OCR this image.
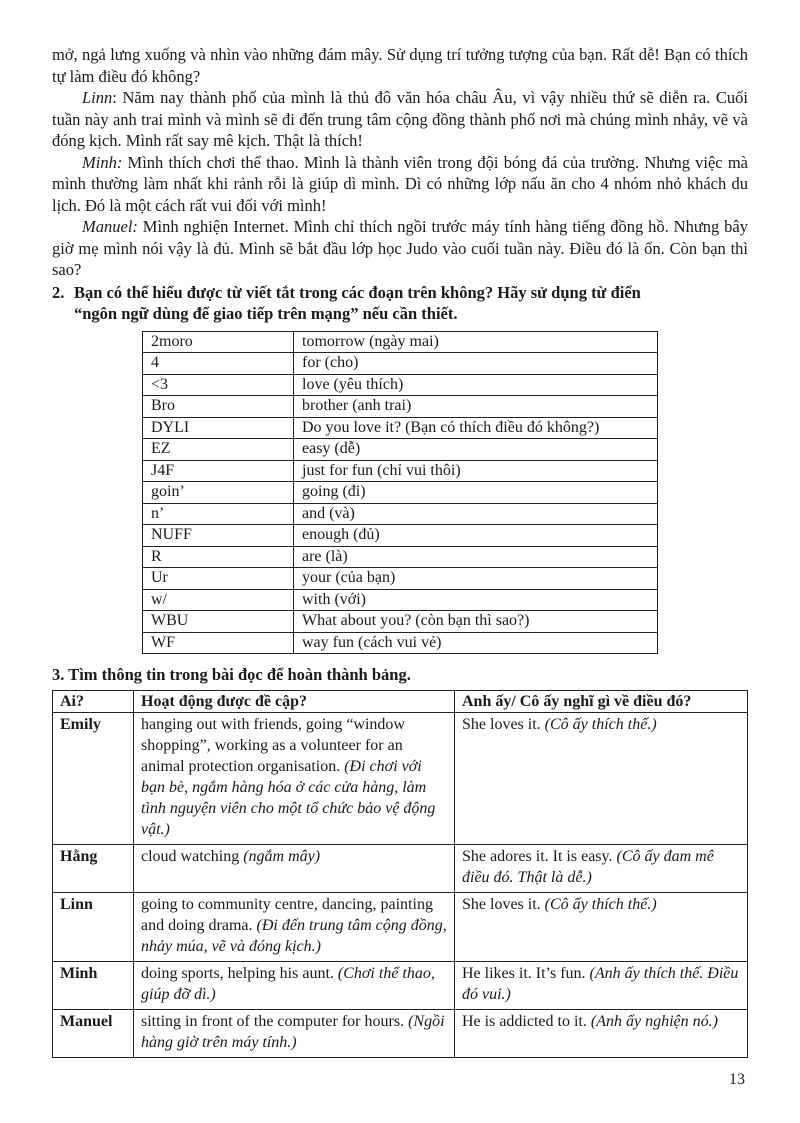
mở, ngả lưng xuống và nhìn vào những đám mây. Sử dụng trí tưởng tượng của bạn. Rất dễ! Bạn có thích tự làm điều đó không?

Linn: Năm nay thành phố của mình là thủ đô văn hóa châu Âu, vì vậy nhiều thứ sẽ diễn ra. Cuối tuần này anh trai mình và mình sẽ đi đến trung tâm cộng đồng thành phố nơi mà chúng mình nhảy, vẽ và đóng kịch. Mình rất say mê kịch. Thật là thích!

Minh: Mình thích chơi thể thao. Mình là thành viên trong đội bóng đá của trường. Nhưng việc mà mình thường làm nhất khi rảnh rỗi là giúp dì mình. Dì có những lớp nấu ăn cho 4 nhóm nhỏ khách du lịch. Đó là một cách rất vui đối với mình!

Manuel: Mình nghiện Internet. Mình chỉ thích ngồi trước máy tính hàng tiếng đồng hồ. Nhưng bây giờ mẹ mình nói vậy là đủ. Mình sẽ bắt đầu lớp học Judo vào cuối tuần này. Điều đó là ổn. Còn bạn thì sao?

2. Bạn có thể hiểu được từ viết tắt trong các đoạn trên không? Hãy sử dụng từ điển
“ngôn ngữ dùng để giao tiếp trên mạng” nếu cần thiết.

2moro	tomorrow (ngày mai)
4	for (cho)
<3	love (yêu thích)
Bro	brother (anh trai)
DYLI	Do you love it? (Bạn có thích điều đó không?)
EZ	easy (dễ)
J4F	just for fun (chỉ vui thôi)
goin’	going (đi)
n’	and (và)
NUFF	enough (đủ)
R	are (là)
Ur	your (của bạn)
w/	with (với)
WBU	What about you? (còn bạn thì sao?)
WF	way fun (cách vui vẻ)

3. Tìm thông tin trong bài đọc để hoàn thành bảng.

Ai?	Hoạt động được đề cập?	Anh ấy/ Cô ấy nghĩ gì về điều đó?
Emily	hanging out with friends, going “window shopping”, working as a volunteer for an animal protection organisation. (Đi chơi với bạn bè, ngắm hàng hóa ở các cửa hàng, làm tình nguyện viên cho một tổ chức bảo vệ động vật.)	She loves it. (Cô ấy thích thế.)
Hằng	cloud watching (ngắm mây)	She adores it. It is easy. (Cô ấy đam mê điều đó. Thật là dễ.)
Linn	going to community centre, dancing, painting and doing drama. (Đi đến trung tâm cộng đồng, nhảy múa, vẽ và đóng kịch.)	She loves it. (Cô ấy thích thế.)
Minh	doing sports, helping his aunt. (Chơi thể thao, giúp đỡ dì.)	He likes it. It’s fun. (Anh ấy thích thế. Điều đó vui.)
Manuel	sitting in front of the computer for hours. (Ngồi hàng giờ trên máy tính.)	He is addicted to it. (Anh ấy nghiện nó.)
13
